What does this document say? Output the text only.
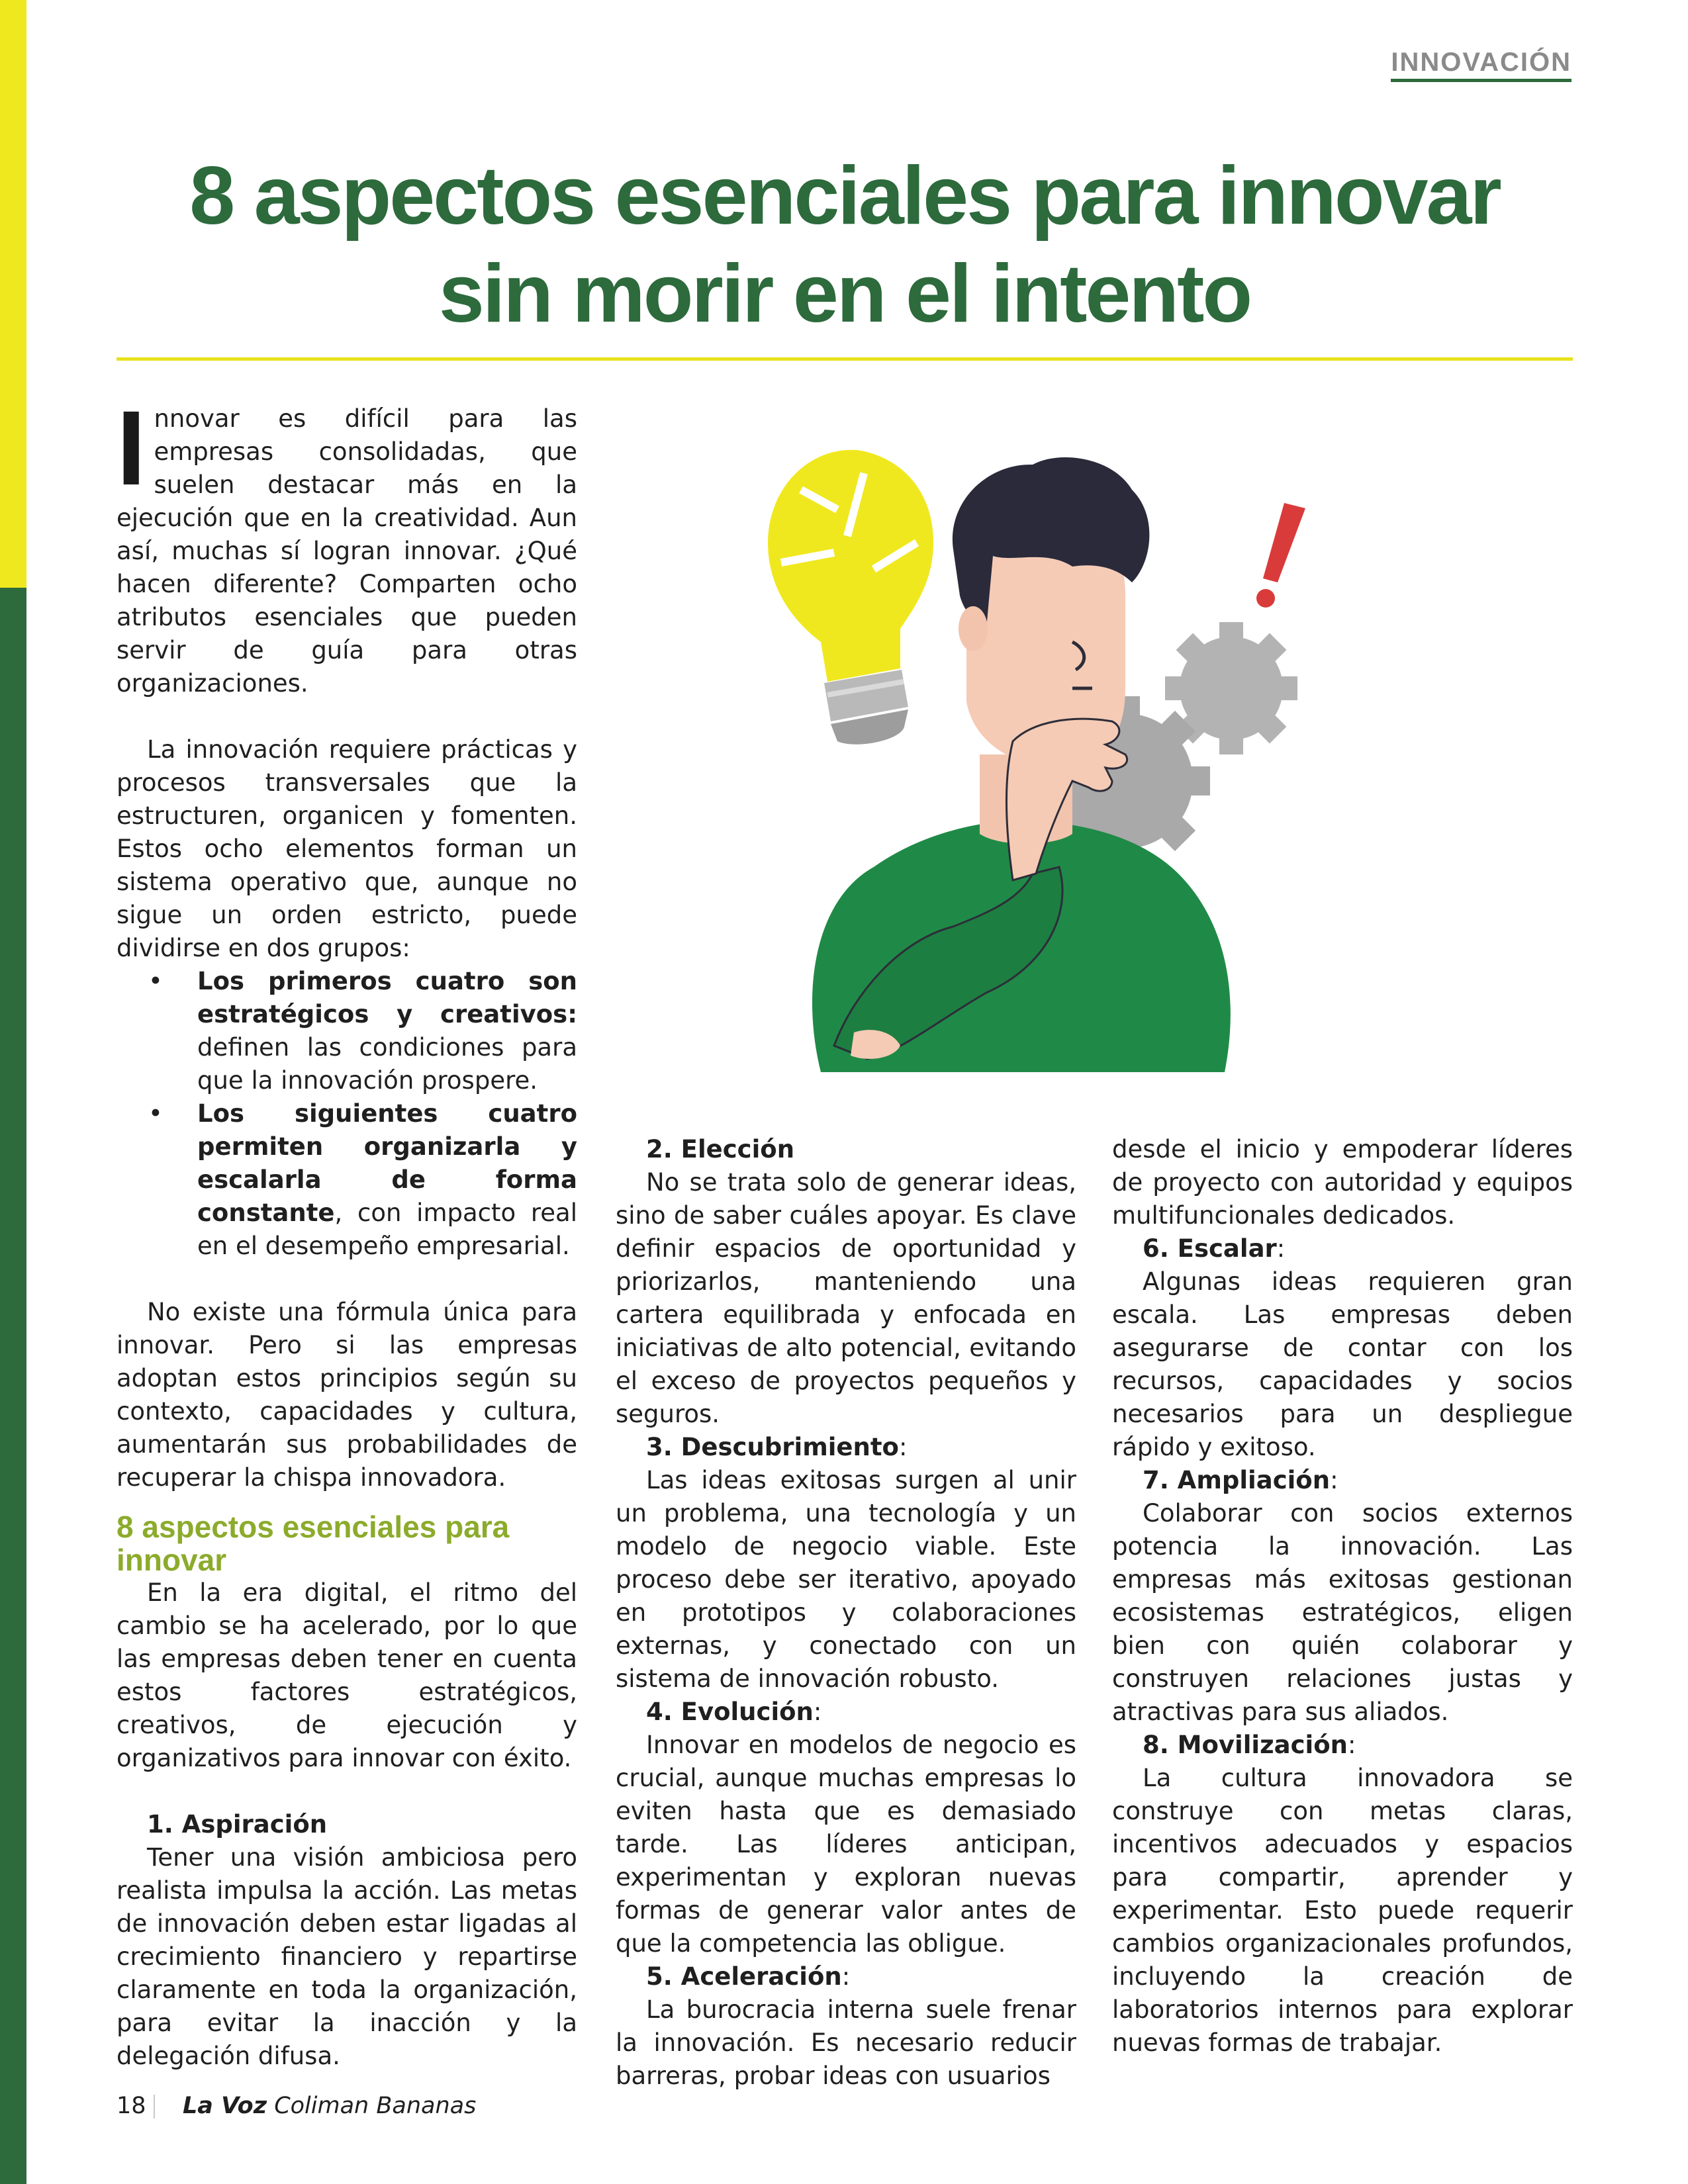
INNOVACIÓN
8 aspectos esenciales para innovar
sin morir en el intento

Innovar es difícil para las empresas consolidadas, que suelen destacar más en la ejecución que en la creatividad. Aun así, muchas sí logran innovar. ¿Qué hacen diferente? Comparten ocho atributos esenciales que pueden servir de guía para otras organizaciones.

La innovación requiere prácticas y procesos transversales que la estructuren, organicen y fomenten. Estos ocho elementos forman un sistema operativo que, aunque no sigue un orden estricto, puede dividirse en dos grupos:

• Los primeros cuatro son estratégicos y creativos: definen las condiciones para que la innovación prospere.
• Los siguientes cuatro permiten organizarla y escalarla de forma constante, con impacto real en el desempeño empresarial.

No existe una fórmula única para innovar. Pero si las empresas adoptan estos principios según su contexto, capacidades y cultura, aumentarán sus probabilidades de recuperar la chispa innovadora.

8 aspectos esenciales para innovar

En la era digital, el ritmo del cambio se ha acelerado, por lo que las empresas deben tener en cuenta estos factores estratégicos, creativos, de ejecución y organizativos para innovar con éxito.

1. Aspiración

Tener una visión ambiciosa pero realista impulsa la acción. Las metas de innovación deben estar ligadas al crecimiento financiero y repartirse claramente en toda la organización, para evitar la inacción y la delegación difusa.

2. Elección

No se trata solo de generar ideas, sino de saber cuáles apoyar. Es clave definir espacios de oportunidad y priorizarlos, manteniendo una cartera equilibrada y enfocada en iniciativas de alto potencial, evitando el exceso de proyectos pequeños y seguros.

3. Descubrimiento:

Las ideas exitosas surgen al unir un problema, una tecnología y un modelo de negocio viable. Este proceso debe ser iterativo, apoyado en prototipos y colaboraciones externas, y conectado con un sistema de innovación robusto.

4. Evolución:

Innovar en modelos de negocio es crucial, aunque muchas empresas lo eviten hasta que es demasiado tarde. Las líderes anticipan, experimentan y exploran nuevas formas de generar valor antes de que la competencia las obligue.

5. Aceleración:

La burocracia interna suele frenar la innovación. Es necesario reducir barreras, probar ideas con usuarios

desde el inicio y empoderar líderes de proyecto con autoridad y equipos multifuncionales dedicados.

6. Escalar:

Algunas ideas requieren gran escala. Las empresas deben asegurarse de contar con los recursos, capacidades y socios necesarios para un despliegue rápido y exitoso.

7. Ampliación:

Colaborar con socios externos potencia la innovación. Las empresas más exitosas gestionan ecosistemas estratégicos, eligen bien con quién colaborar y construyen relaciones justas y atractivas para sus aliados.

8. Movilización:

La cultura innovadora se construye con metas claras, incentivos adecuados y espacios para compartir, aprender y experimentar. Esto puede requerir cambios organizacionales profundos, incluyendo la creación de laboratorios internos para explorar nuevas formas de trabajar.

18 La Voz Coliman Bananas
